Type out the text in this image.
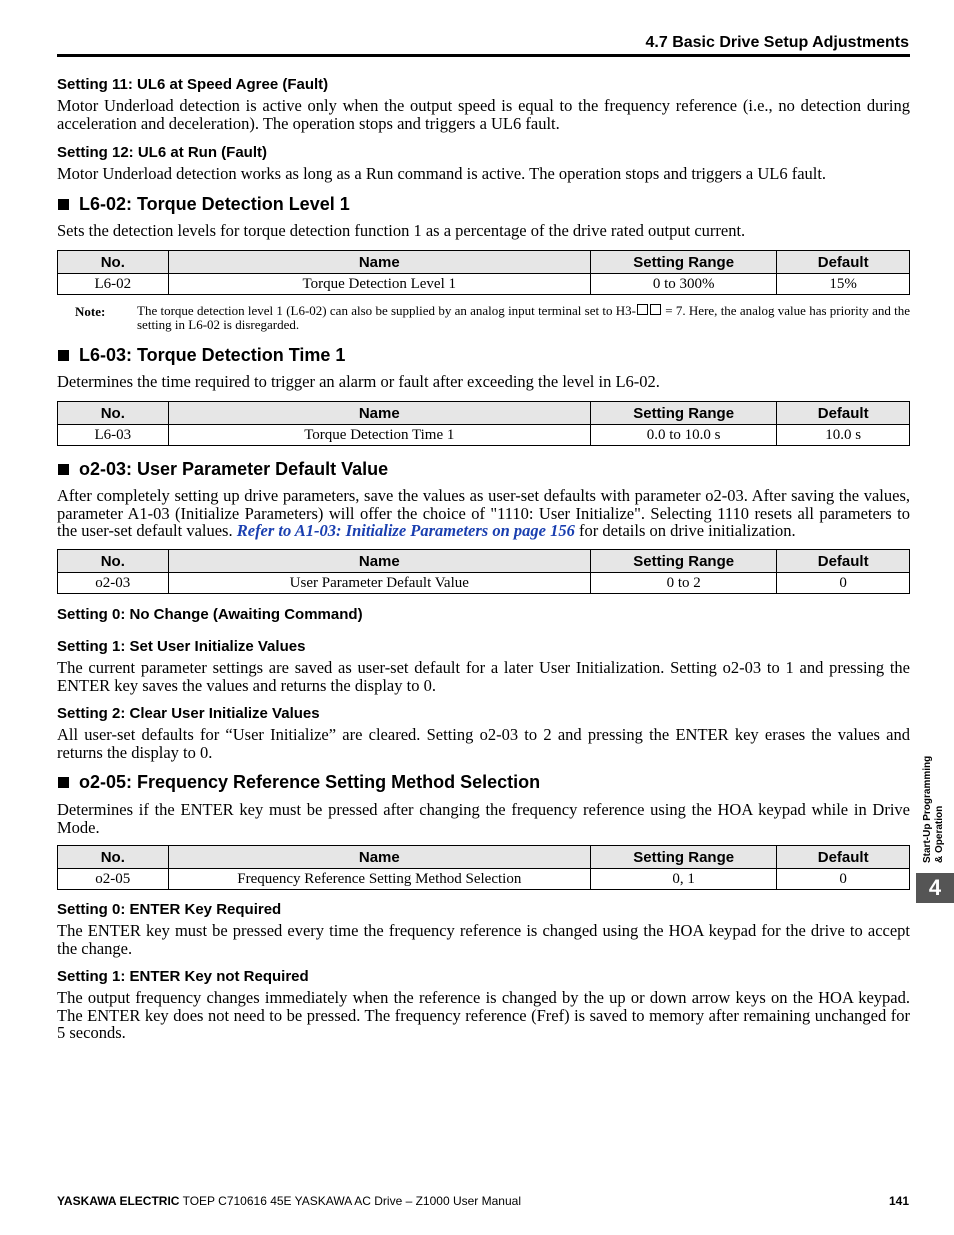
4.7 Basic Drive Setup Adjustments
Setting 11: UL6 at Speed Agree (Fault)
Motor Underload detection is active only when the output speed is equal to the frequency reference (i.e., no detection during acceleration and deceleration). The operation stops and triggers a UL6 fault.
Setting 12: UL6 at Run (Fault)
Motor Underload detection works as long as a Run command is active. The operation stops and triggers a UL6 fault.
L6-02: Torque Detection Level 1
Sets the detection levels for torque detection function 1 as a percentage of the drive rated output current.
No.	Name	Setting Range	Default
L6-02	Torque Detection Level 1	0 to 300%	15%
Note: The torque detection level 1 (L6-02) can also be supplied by an analog input terminal set to H3- = 7. Here, the analog value has priority and the setting in L6-02 is disregarded.
L6-03: Torque Detection Time 1
Determines the time required to trigger an alarm or fault after exceeding the level in L6-02.
No.	Name	Setting Range	Default
L6-03	Torque Detection Time 1	0.0 to 10.0 s	10.0 s
o2-03: User Parameter Default Value
After completely setting up drive parameters, save the values as user-set defaults with parameter o2-03. After saving the values, parameter A1-03 (Initialize Parameters) will offer the choice of "1110: User Initialize". Selecting 1110 resets all parameters to the user-set default values. Refer to A1-03: Initialize Parameters on page 156 for details on drive initialization.
No.	Name	Setting Range	Default
o2-03	User Parameter Default Value	0 to 2	0
Setting 0: No Change (Awaiting Command)
Setting 1: Set User Initialize Values
The current parameter settings are saved as user-set default for a later User Initialization. Setting o2-03 to 1 and pressing the ENTER key saves the values and returns the display to 0.
Setting 2: Clear User Initialize Values
All user-set defaults for “User Initialize” are cleared. Setting o2-03 to 2 and pressing the ENTER key erases the values and returns the display to 0.
o2-05: Frequency Reference Setting Method Selection
Determines if the ENTER key must be pressed after changing the frequency reference using the HOA keypad while in Drive Mode.
No.	Name	Setting Range	Default
o2-05	Frequency Reference Setting Method Selection	0, 1	0
Setting 0: ENTER Key Required
The ENTER key must be pressed every time the frequency reference is changed using the HOA keypad for the drive to accept the change.
Setting 1: ENTER Key not Required
The output frequency changes immediately when the reference is changed by the up or down arrow keys on the HOA keypad. The ENTER key does not need to be pressed. The frequency reference (Fref) is saved to memory after remaining unchanged for 5 seconds.
Start-Up Programming
& Operation
4
YASKAWA ELECTRIC TOEP C710616 45E YASKAWA AC Drive – Z1000 User Manual	141
